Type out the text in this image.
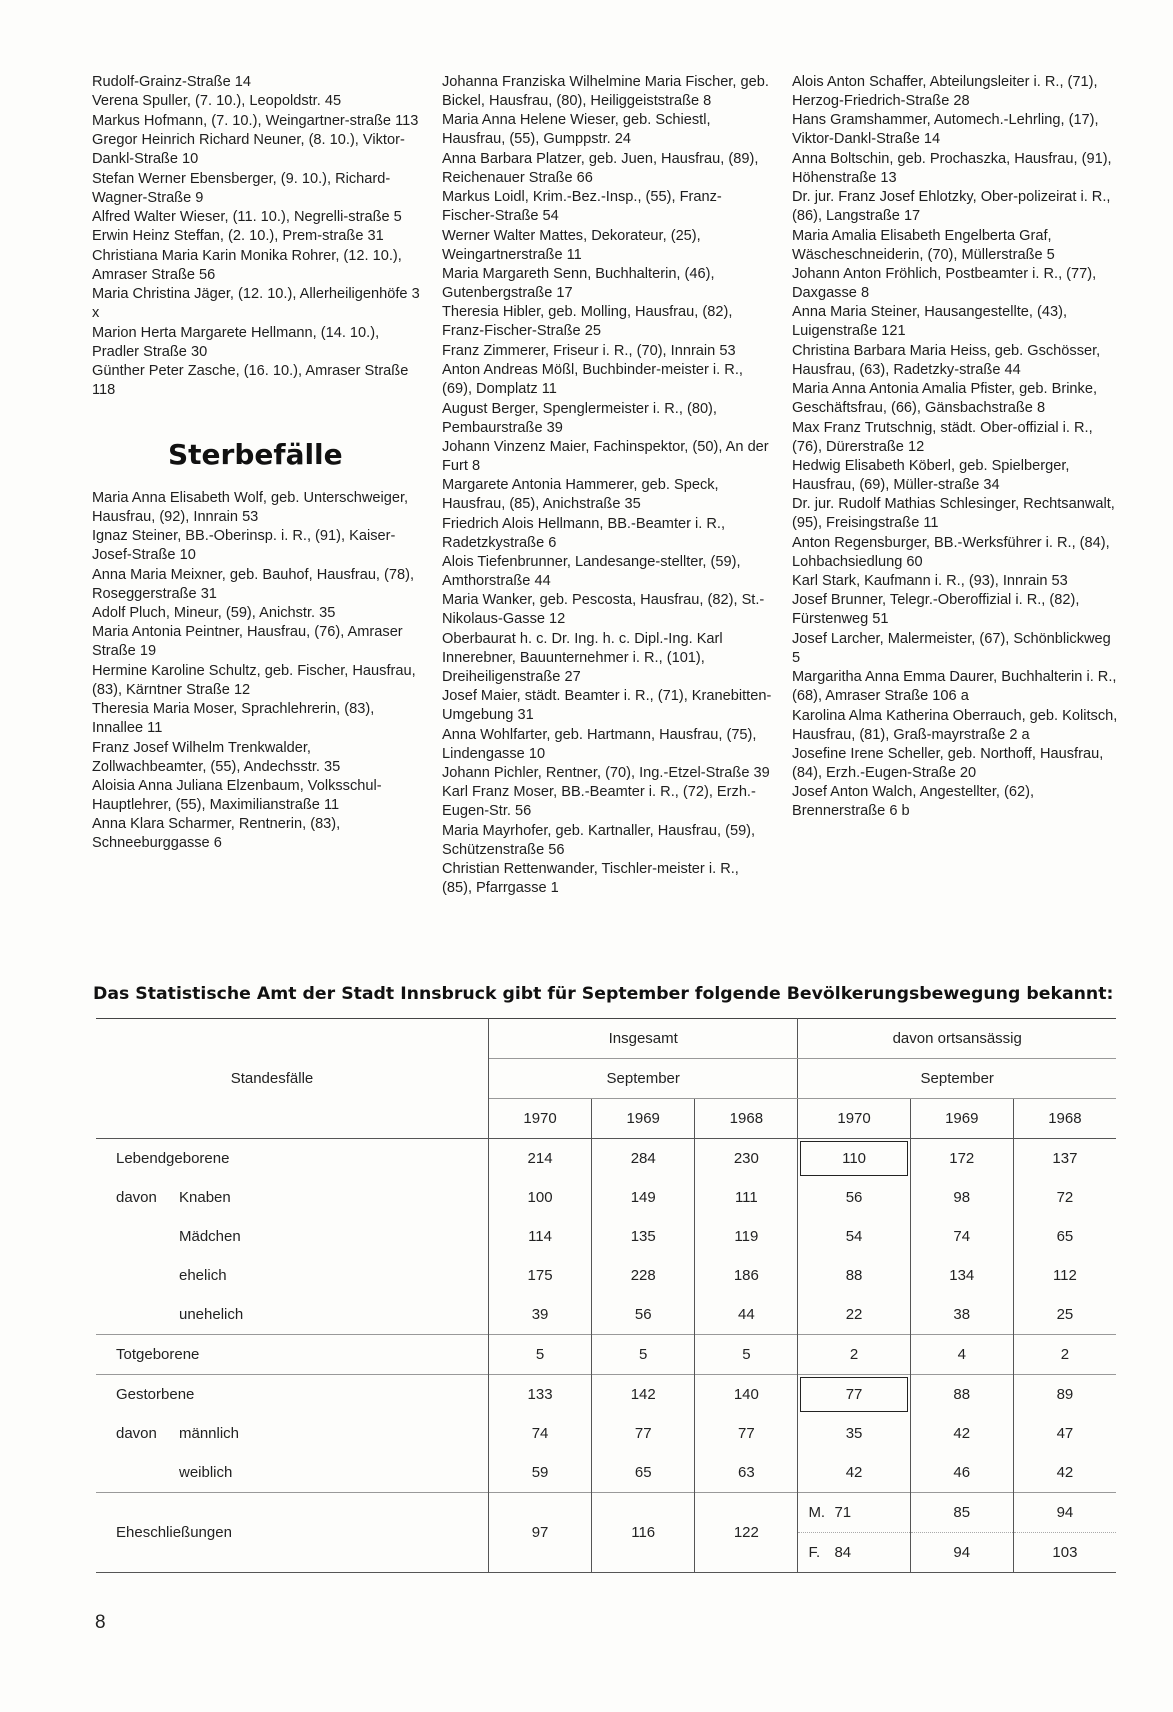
Rudolf-Grainz-Straße 14

Verena Spuller, (7. 10.), Leopoldstr. 45

Markus Hofmann, (7. 10.), Weingartner-straße 113

Gregor Heinrich Richard Neuner, (8. 10.), Viktor-Dankl-Straße 10

Stefan Werner Ebensberger, (9. 10.), Richard-Wagner-Straße 9

Alfred Walter Wieser, (11. 10.), Negrelli-straße 5

Erwin Heinz Steffan, (2. 10.), Prem-straße 31

Christiana Maria Karin Monika Rohrer, (12. 10.), Amraser Straße 56

Maria Christina Jäger, (12. 10.), Allerheiligenhöfe 3 x

Marion Herta Margarete Hellmann, (14. 10.), Pradler Straße 30

Günther Peter Zasche, (16. 10.), Amraser Straße 118

Sterbefälle

Maria Anna Elisabeth Wolf, geb. Unterschweiger, Hausfrau, (92), Innrain 53

Ignaz Steiner, BB.-Oberinsp. i. R., (91), Kaiser-Josef-Straße 10

Anna Maria Meixner, geb. Bauhof, Hausfrau, (78), Roseggerstraße 31

Adolf Pluch, Mineur, (59), Anichstr. 35

Maria Antonia Peintner, Hausfrau, (76), Amraser Straße 19

Hermine Karoline Schultz, geb. Fischer, Hausfrau, (83), Kärntner Straße 12

Theresia Maria Moser, Sprachlehrerin, (83), Innallee 11

Franz Josef Wilhelm Trenkwalder, Zollwachbeamter, (55), Andechsstr. 35

Aloisia Anna Juliana Elzenbaum, Volksschul-Hauptlehrer, (55), Maximilianstraße 11

Anna Klara Scharmer, Rentnerin, (83), Schneeburggasse 6

Johanna Franziska Wilhelmine Maria Fischer, geb. Bickel, Hausfrau, (80), Heiliggeiststraße 8

Maria Anna Helene Wieser, geb. Schiestl, Hausfrau, (55), Gumppstr. 24

Anna Barbara Platzer, geb. Juen, Hausfrau, (89), Reichenauer Straße 66

Markus Loidl, Krim.-Bez.-Insp., (55), Franz-Fischer-Straße 54

Werner Walter Mattes, Dekorateur, (25), Weingartnerstraße 11

Maria Margareth Senn, Buchhalterin, (46), Gutenbergstraße 17

Theresia Hibler, geb. Molling, Hausfrau, (82), Franz-Fischer-Straße 25

Franz Zimmerer, Friseur i. R., (70), Innrain 53

Anton Andreas Mößl, Buchbinder-meister i. R., (69), Domplatz 11

August Berger, Spenglermeister i. R., (80), Pembaurstraße 39

Johann Vinzenz Maier, Fachinspektor, (50), An der Furt 8

Margarete Antonia Hammerer, geb. Speck, Hausfrau, (85), Anichstraße 35

Friedrich Alois Hellmann, BB.-Beamter i. R., Radetzkystraße 6

Alois Tiefenbrunner, Landesange-stellter, (59), Amthorstraße 44

Maria Wanker, geb. Pescosta, Hausfrau, (82), St.-Nikolaus-Gasse 12

Oberbaurat h. c. Dr. Ing. h. c. Dipl.-Ing. Karl Innerebner, Bauunternehmer i. R., (101), Dreiheiligenstraße 27

Josef Maier, städt. Beamter i. R., (71), Kranebitten-Umgebung 31

Anna Wohlfarter, geb. Hartmann, Hausfrau, (75), Lindengasse 10

Johann Pichler, Rentner, (70), Ing.-Etzel-Straße 39

Karl Franz Moser, BB.-Beamter i. R., (72), Erzh.-Eugen-Str. 56

Maria Mayrhofer, geb. Kartnaller, Hausfrau, (59), Schützenstraße 56

Christian Rettenwander, Tischler-meister i. R., (85), Pfarrgasse 1

Alois Anton Schaffer, Abteilungsleiter i. R., (71), Herzog-Friedrich-Straße 28

Hans Gramshammer, Automech.-Lehrling, (17), Viktor-Dankl-Straße 14

Anna Boltschin, geb. Prochaszka, Hausfrau, (91), Höhenstraße 13

Dr. jur. Franz Josef Ehlotzky, Ober-polizeirat i. R., (86), Langstraße 17

Maria Amalia Elisabeth Engelberta Graf, Wäscheschneiderin, (70), Müllerstraße 5

Johann Anton Fröhlich, Postbeamter i. R., (77), Daxgasse 8

Anna Maria Steiner, Hausangestellte, (43), Luigenstraße 121

Christina Barbara Maria Heiss, geb. Gschösser, Hausfrau, (63), Radetzky-straße 44

Maria Anna Antonia Amalia Pfister, geb. Brinke, Geschäftsfrau, (66), Gänsbachstraße 8

Max Franz Trutschnig, städt. Ober-offizial i. R., (76), Dürerstraße 12

Hedwig Elisabeth Köberl, geb. Spielberger, Hausfrau, (69), Müller-straße 34

Dr. jur. Rudolf Mathias Schlesinger, Rechtsanwalt, (95), Freisingstraße 11

Anton Regensburger, BB.-Werksführer i. R., (84), Lohbachsiedlung 60

Karl Stark, Kaufmann i. R., (93), Innrain 53

Josef Brunner, Telegr.-Oberoffizial i. R., (82), Fürstenweg 51

Josef Larcher, Malermeister, (67), Schönblickweg 5

Margaritha Anna Emma Daurer, Buchhalterin i. R., (68), Amraser Straße 106 a

Karolina Alma Katherina Oberrauch, geb. Kolitsch, Hausfrau, (81), Graß-mayrstraße 2 a

Josefine Irene Scheller, geb. Northoff, Hausfrau, (84), Erzh.-Eugen-Straße 20

Josef Anton Walch, Angestellter, (62), Brennerstraße 6 b

Das Statistische Amt der Stadt Innsbruck gibt für September folgende Bevölkerungsbewegung bekannt:
Standesfälle	Insgesamt			davon ortsansässig		
	September			September		
	1970	1969	1968	1970	1969	1968
Lebendgeborene	214	284	230	110	172	137
davon Knaben	100	149	111	56	98	72
Mädchen	114	135	119	54	74	65
ehelich	175	228	186	88	134	112
unehelich	39	56	44	22	38	25
Totgeborene	5	5	5	2	4	2
Gestorbene	133	142	140	77	88	89
davon männlich	74	77	77	35	42	47
weiblich	59	65	63	42	46	42
Eheschließungen	97	116	122	M. 71	85	94
				F. 84	94	103
8
